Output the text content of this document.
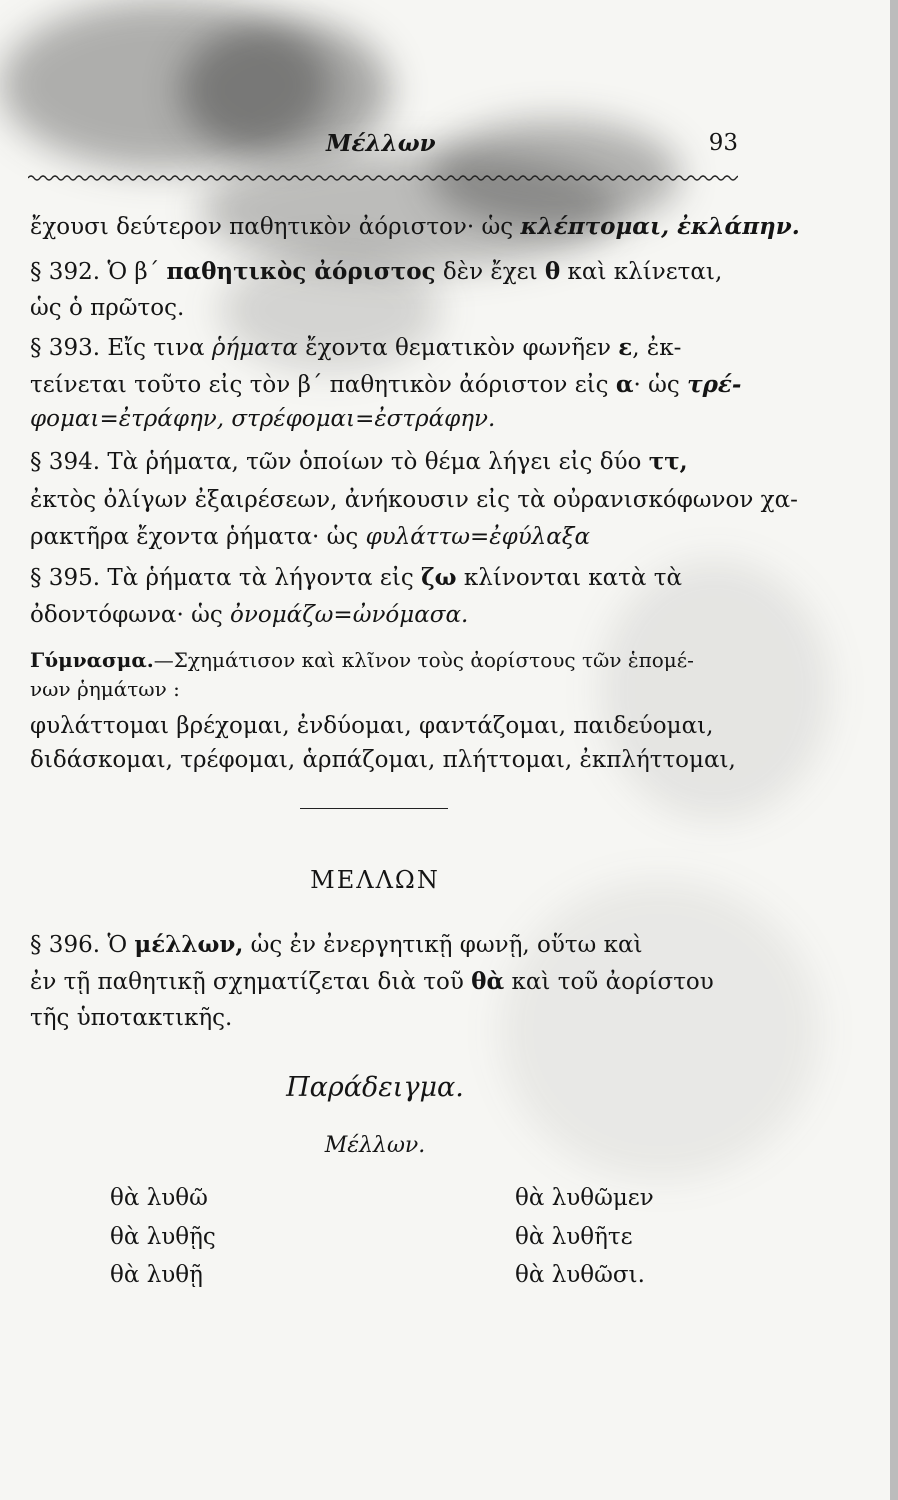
Μέλλων	93
ἔχουσι δεύτερον παθητικὸν ἀόριστον· ὡς κλέπτομαι, ἐκλάπην.
§ 392. Ὁ β΄ παθητικὸς ἀόριστος δὲν ἔχει θ καὶ κλίνεται,
ὡς ὁ πρῶτος.
§ 393. Εἴς τινα ῥήματα ἔχοντα θεματικὸν φωνῆεν ε, ἐκ-
τείνεται τοῦτο εἰς τὸν β΄ παθητικὸν ἀόριστον εἰς α· ὡς τρέ-
φομαι=ἐτράφην, στρέφομαι=ἐστράφην.
§ 394. Τὰ ῥήματα, τῶν ὁποίων τὸ θέμα λήγει εἰς δύο ττ,
ἐκτὸς ὀλίγων ἐξαιρέσεων, ἀνήκουσιν εἰς τὰ οὐρανισκόφωνον χα-
ρακτῆρα ἔχοντα ῥήματα· ὡς φυλάττω=ἐφύλαξα
§ 395. Τὰ ῥήματα τὰ λήγοντα εἰς ζω κλίνονται κατὰ τὰ
ὀδοντόφωνα· ὡς ὀνομάζω=ὠνόμασα.
Γύμνασμα.—Σχημάτισον καὶ κλῖνον τοὺς ἀορίστους τῶν ἑπομέ-
νων ῥημάτων :
φυλάττομαι βρέχομαι, ἐνδύομαι, φαντάζομαι, παιδεύομαι,
διδάσκομαι, τρέφομαι, ἁρπάζομαι, πλήττομαι, ἐκπλήττομαι,
ΜΕΛΛΩΝ
§ 396. Ὁ μέλλων, ὡς ἐν ἐνεργητικῇ φωνῇ, οὕτω καὶ
ἐν τῇ παθητικῇ σχηματίζεται διὰ τοῦ θὰ καὶ τοῦ ἀορίστου
τῆς ὑποτακτικῆς.
Παράδειγμα.
Μέλλων.
θὰ λυθῶ
θὰ λυθῇς
θὰ λυθῇ
θὰ λυθῶμεν
θὰ λυθῆτε
θὰ λυθῶσι.
